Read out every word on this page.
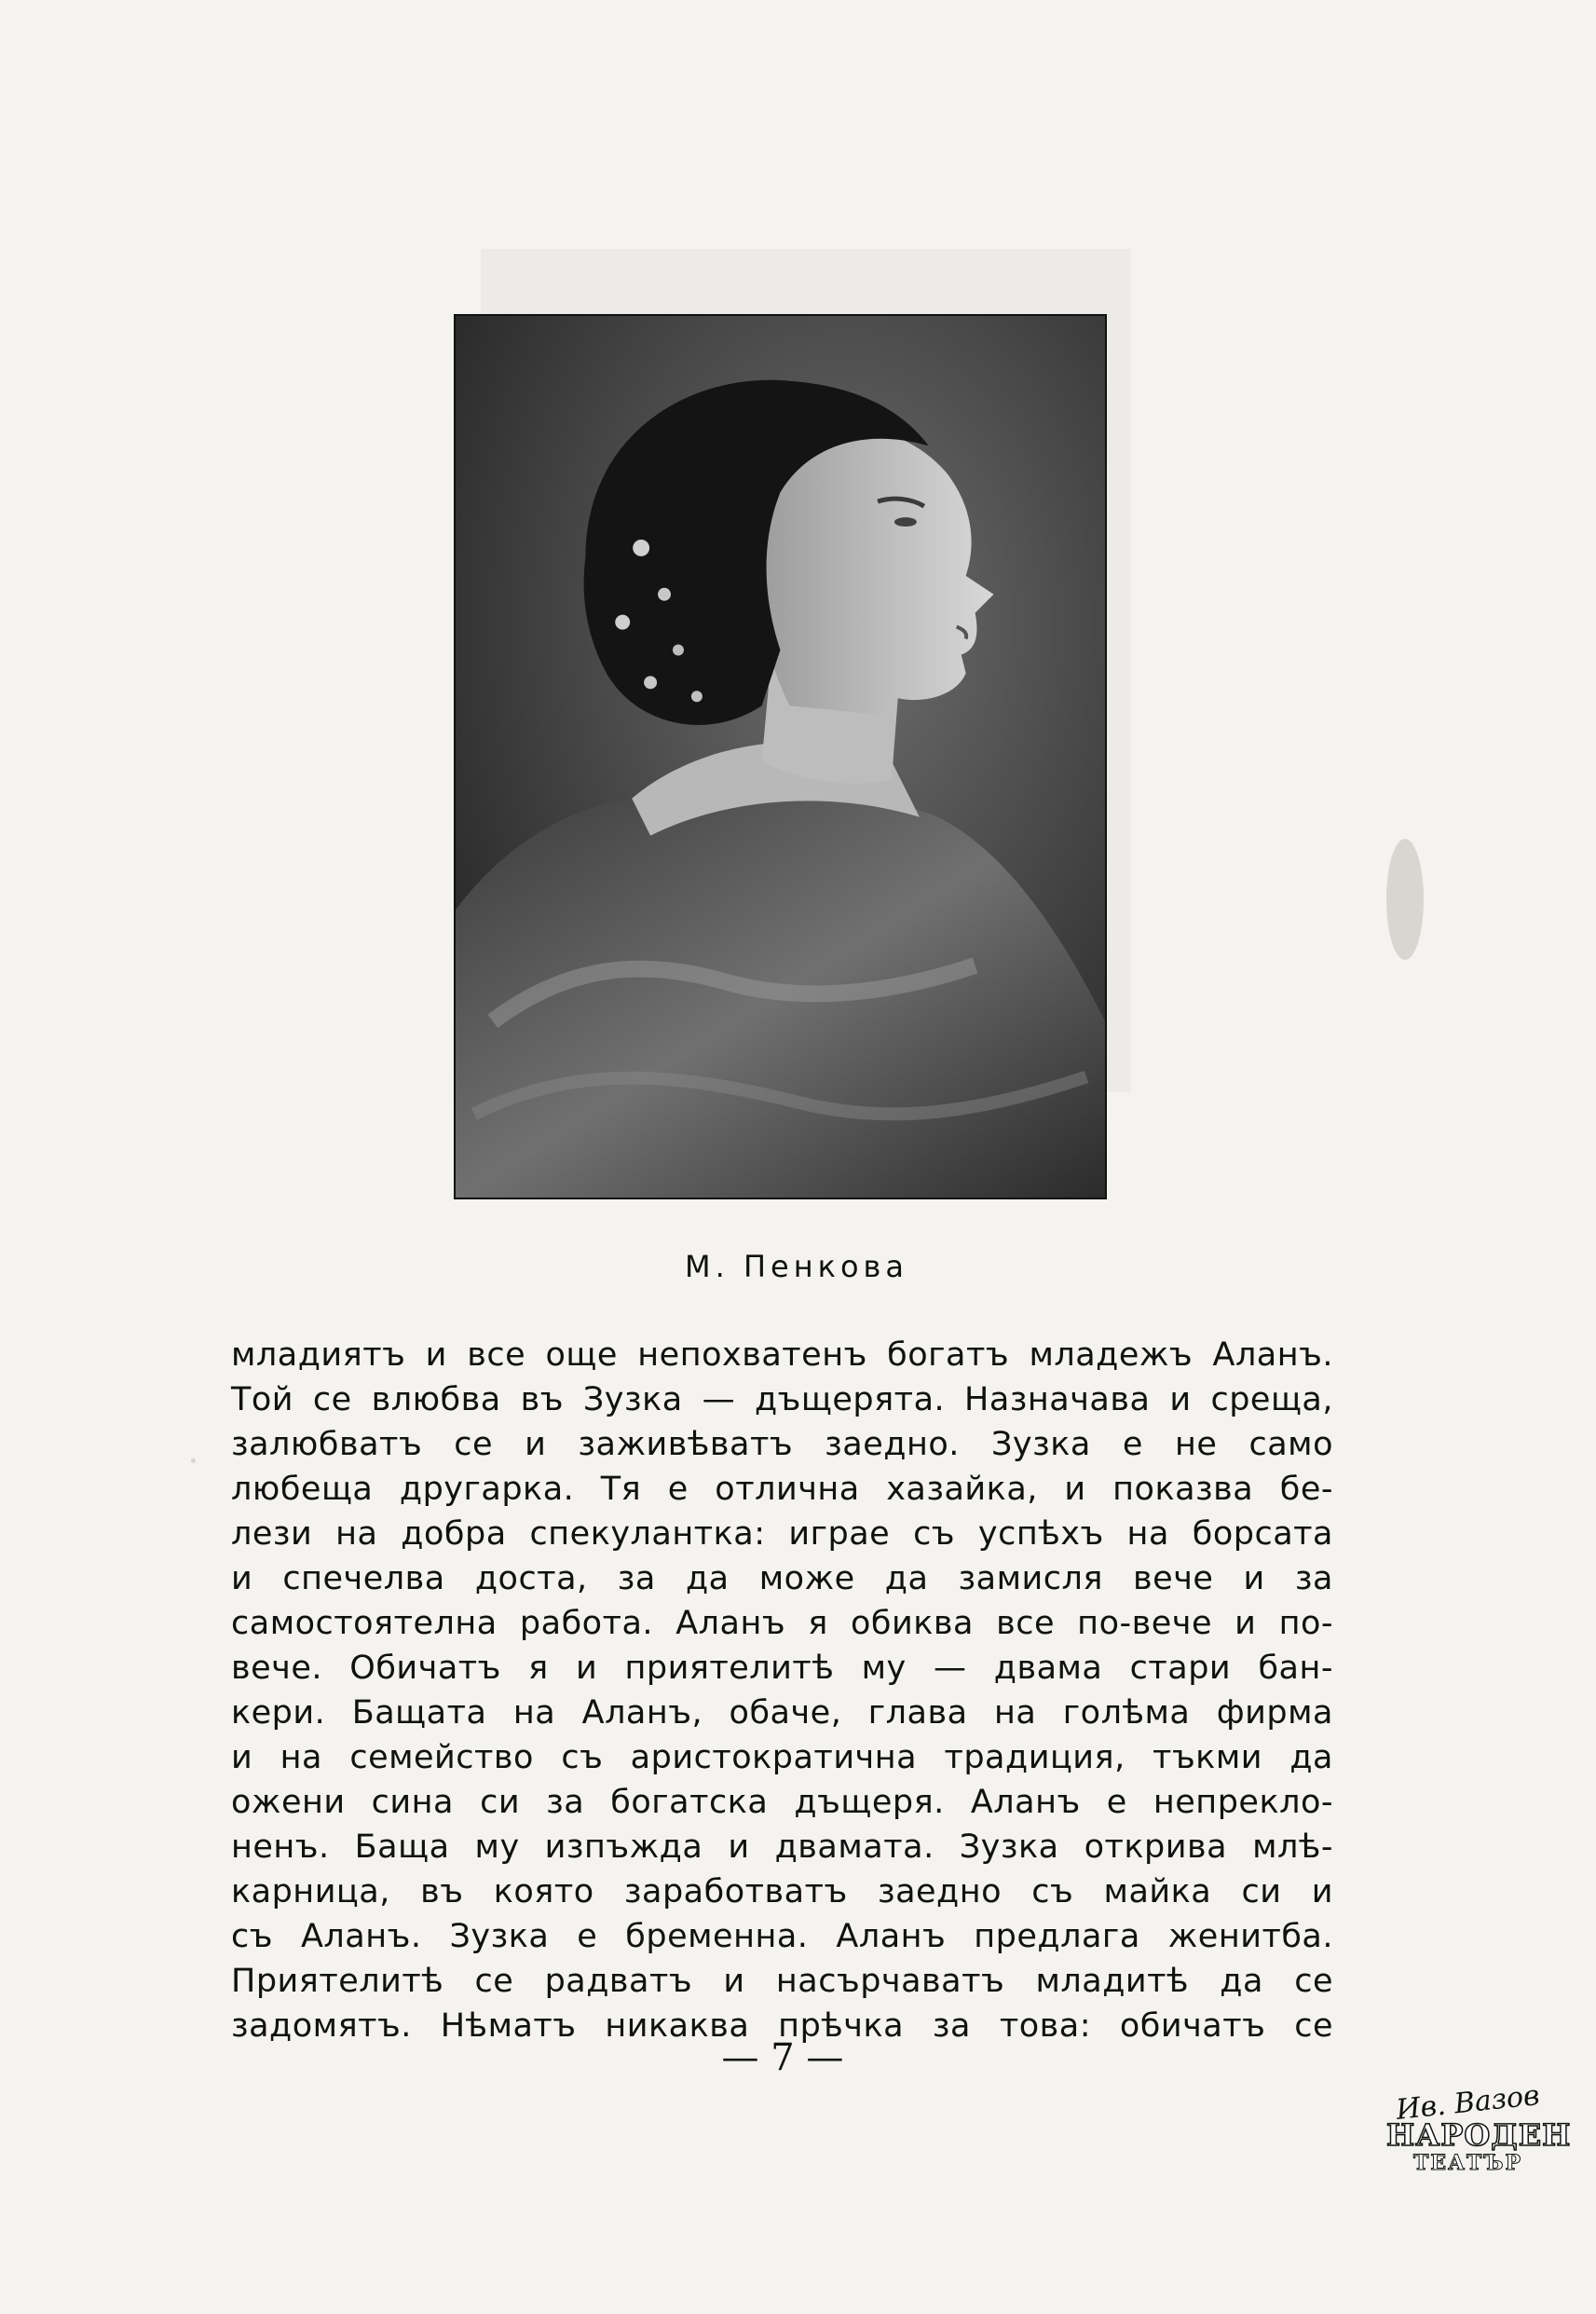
М. Пенкова
младиятъ и все още непохватенъ богатъ младежъ Аланъ.
Той се влюбва въ Зузка — дъщерята. Назначава и среща,
залюбватъ се и заживѣватъ заедно. Зузка е не само
любеща другарка. Тя е отлична хазайка, и показва бе-
лези на добра спекулантка: играе съ успѣхъ на борсата
и спечелва доста, за да може да замисля вече и за
самостоятелна работа. Аланъ я обиква все по-вече и по-
вече. Обичатъ я и приятелитѣ му — двама стари бан-
кери. Бащата на Аланъ, обаче, глава на голѣма фирма
и на семейство съ аристократична традиция, тъкми да
ожени сина си за богатска дъщеря. Аланъ е непрекло-
ненъ. Баща му изпъжда и двамата. Зузка открива млѣ-
карница, въ която заработватъ заедно съ майка си и
съ Аланъ. Зузка е бременна. Аланъ предлага женитба.
Приятелитѣ се радватъ и насърчаватъ младитѣ да се
задомятъ. Нѣматъ никаква прѣчка за това: обичатъ се
— 7 —
Ив. Вазов
НАРОДЕН
ТЕАТЪР
